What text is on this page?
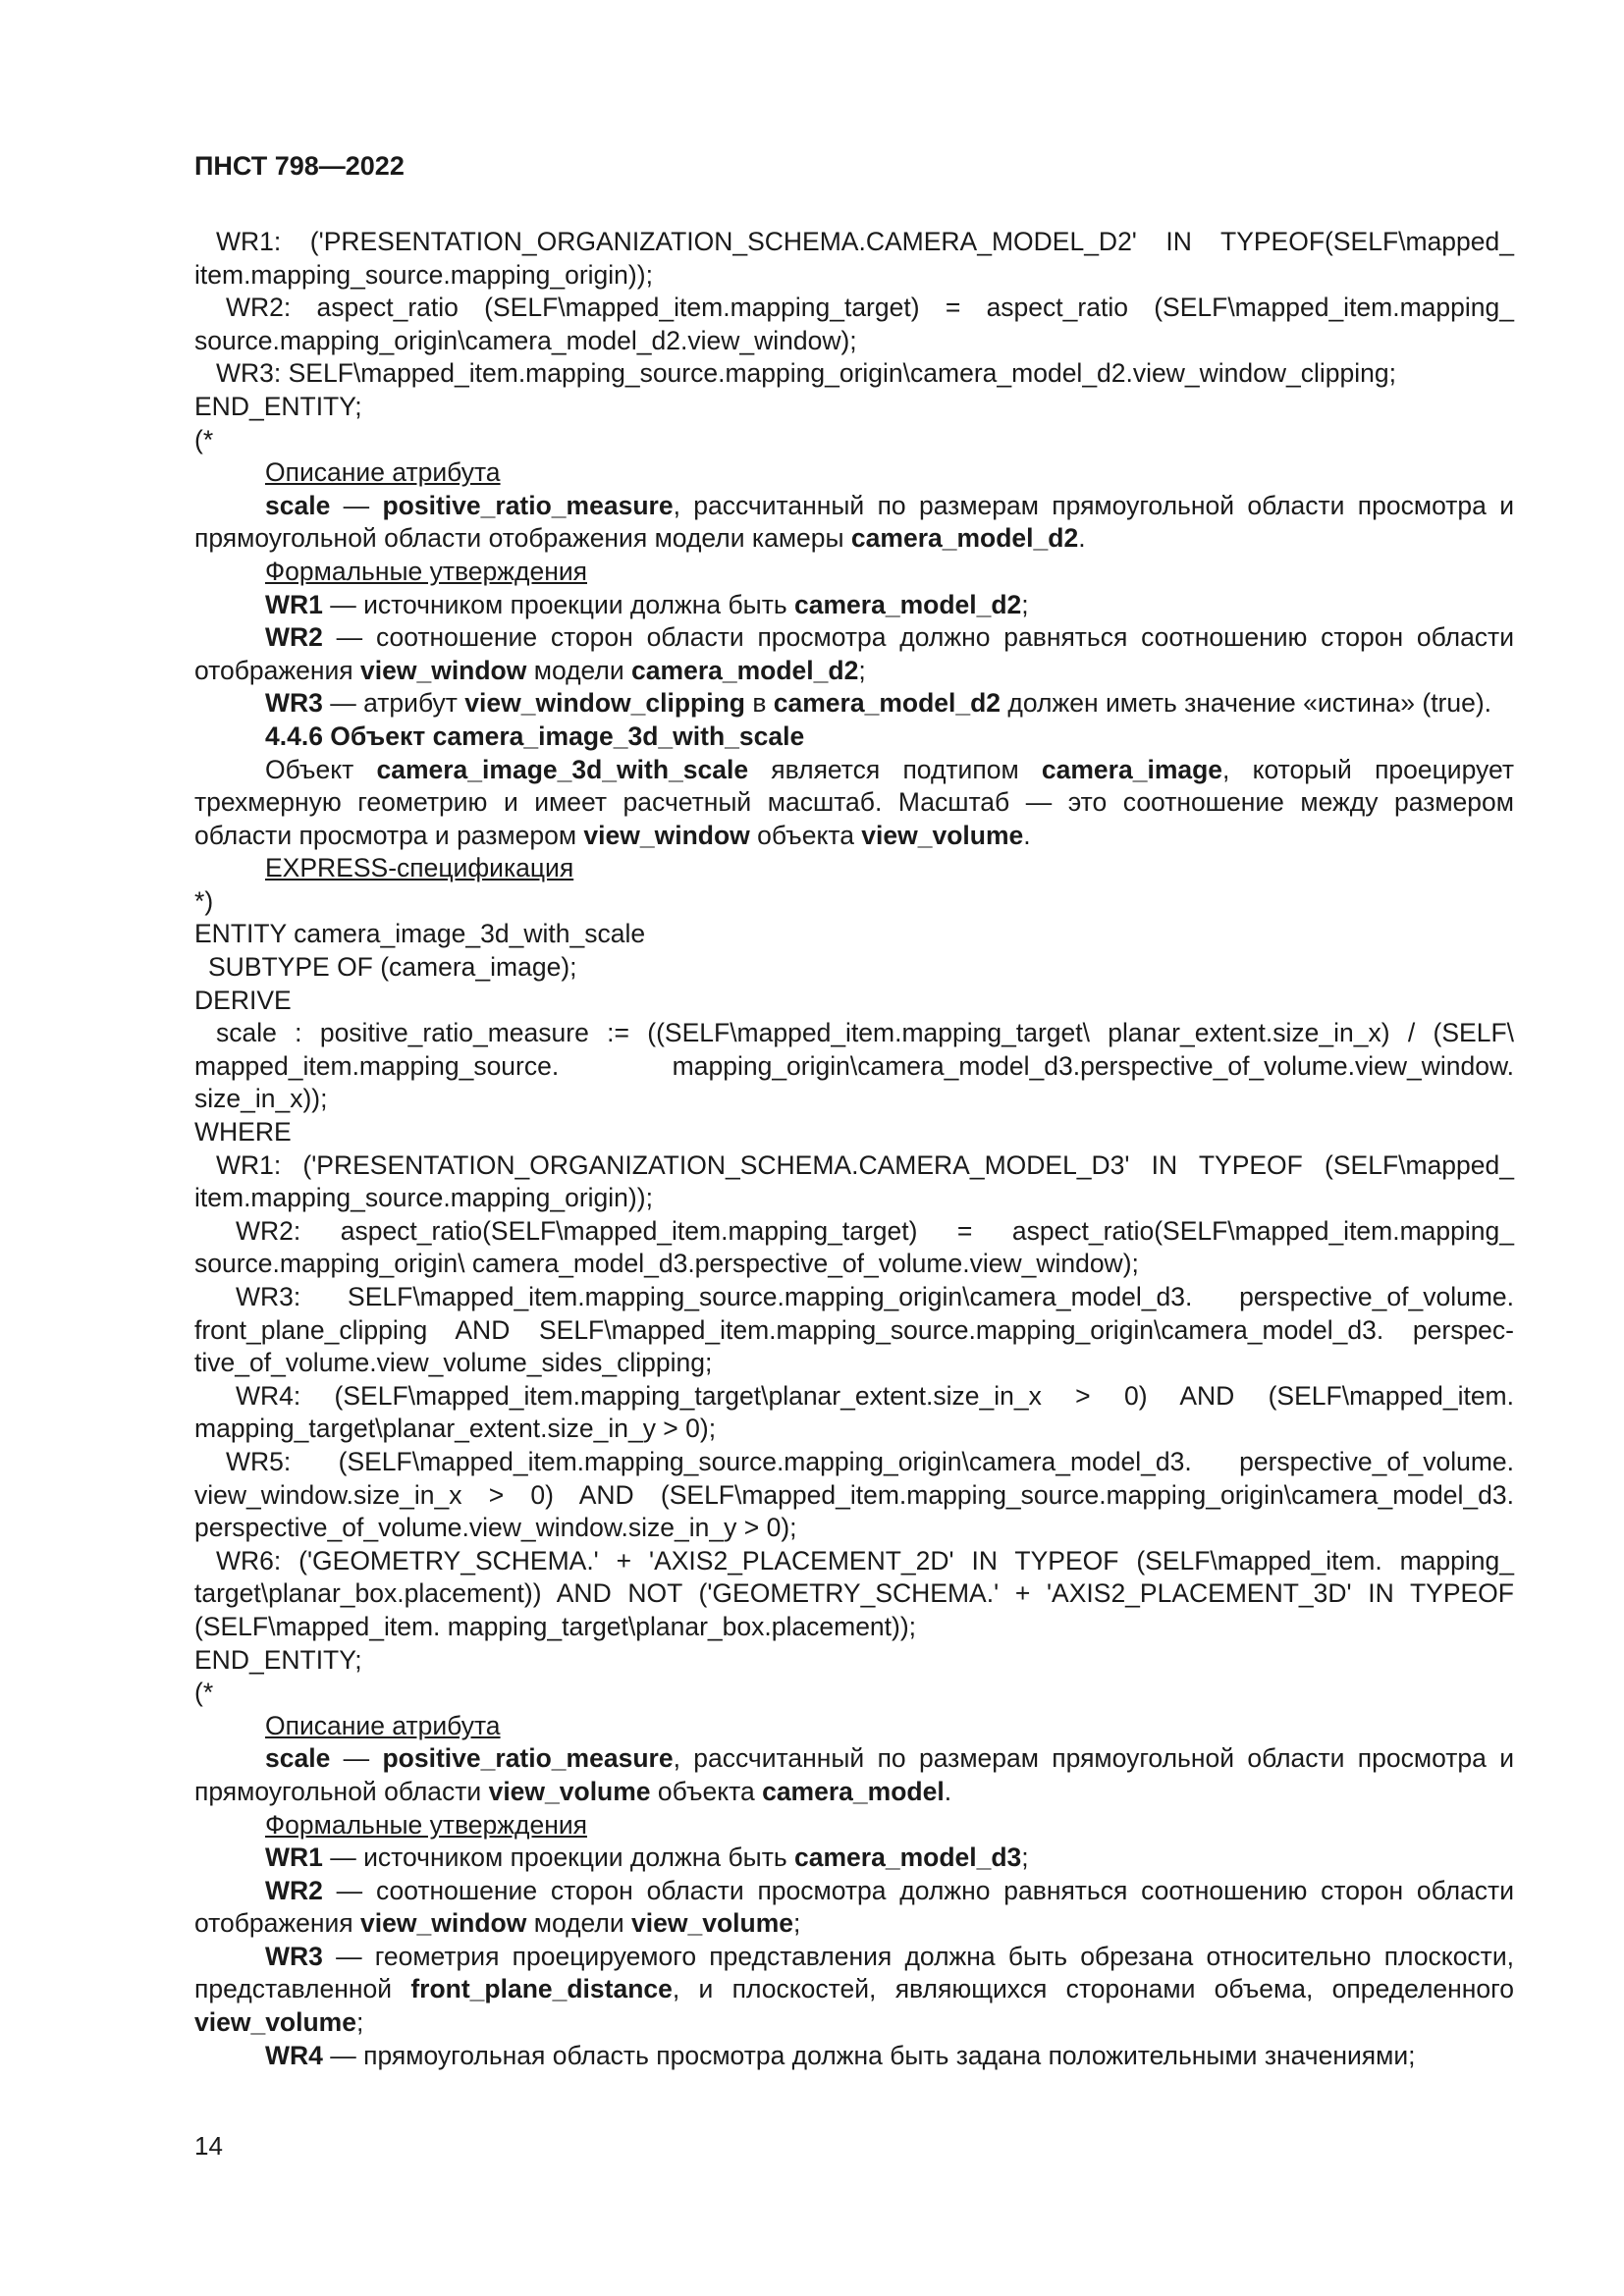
ПНСТ 798—2022
WR1: ('PRESENTATION_ORGANIZATION_SCHEMA.CAMERA_MODEL_D2' IN TYPEOF(SELF\mapped_
item.mapping_source.mapping_origin));
WR2: aspect_ratio (SELF\mapped_item.mapping_target) = aspect_ratio (SELF\mapped_item.mapping_
source.mapping_origin\camera_model_d2.view_window);
WR3: SELF\mapped_item.mapping_source.mapping_origin\camera_model_d2.view_window_clipping;
END_ENTITY;
(*
Описание атрибута

scale — positive_ratio_measure, рассчитанный по размерам прямоугольной области просмотра и прямоугольной области отображения модели камеры camera_model_d2.

Формальные утверждения

WR1 — источником проекции должна быть camera_model_d2;

WR2 — соотношение сторон области просмотра должно равняться соотношению сторон области отображения view_window модели camera_model_d2;

WR3 — атрибут view_window_clipping в camera_model_d2 должен иметь значение «истина» (true).

4.4.6 Объект camera_image_3d_with_scale

Объект camera_image_3d_with_scale является подтипом camera_image, который проецирует трехмерную геометрию и имеет расчетный масштаб. Масштаб — это соотношение между размером области просмотра и размером view_window объекта view_volume.

EXPRESS-спецификация
*)
ENTITY camera_image_3d_with_scale
SUBTYPE OF (camera_image);
DERIVE
scale : positive_ratio_measure := ((SELF\mapped_item.mapping_target\ planar_extent.size_in_x) / (SELF\
mapped_item.mapping_source. mapping_origin\camera_model_d3.perspective_of_volume.view_window.
size_in_x));
WHERE
WR1: ('PRESENTATION_ORGANIZATION_SCHEMA.CAMERA_MODEL_D3' IN TYPEOF (SELF\mapped_
item.mapping_source.mapping_origin));
WR2: aspect_ratio(SELF\mapped_item.mapping_target) = aspect_ratio(SELF\mapped_item.mapping_
source.mapping_origin\ camera_model_d3.perspective_of_volume.view_window);
WR3: SELF\mapped_item.mapping_source.mapping_origin\camera_model_d3. perspective_of_volume.
front_plane_clipping AND SELF\mapped_item.mapping_source.mapping_origin\camera_model_d3. perspec-
tive_of_volume.view_volume_sides_clipping;
WR4: (SELF\mapped_item.mapping_target\planar_extent.size_in_x > 0) AND (SELF\mapped_item.
mapping_target\planar_extent.size_in_y > 0);
WR5: (SELF\mapped_item.mapping_source.mapping_origin\camera_model_d3. perspective_of_volume.
view_window.size_in_x > 0) AND (SELF\mapped_item.mapping_source.mapping_origin\camera_model_d3.
perspective_of_volume.view_window.size_in_y > 0);
WR6: ('GEOMETRY_SCHEMA.' + 'AXIS2_PLACEMENT_2D' IN TYPEOF (SELF\mapped_item. mapping_
target\planar_box.placement)) AND NOT ('GEOMETRY_SCHEMA.' + 'AXIS2_PLACEMENT_3D' IN TYPEOF
(SELF\mapped_item. mapping_target\planar_box.placement));
END_ENTITY;
(*
Описание атрибута

scale — positive_ratio_measure, рассчитанный по размерам прямоугольной области просмотра и прямоугольной области view_volume объекта camera_model.

Формальные утверждения

WR1 — источником проекции должна быть camera_model_d3;

WR2 — соотношение сторон области просмотра должно равняться соотношению сторон области отображения view_window модели view_volume;

WR3 — геометрия проецируемого представления должна быть обрезана относительно плоскости, представленной front_plane_distance, и плоскостей, являющихся сторонами объема, определенного view_volume;

WR4 — прямоугольная область просмотра должна быть задана положительными значениями;

14
